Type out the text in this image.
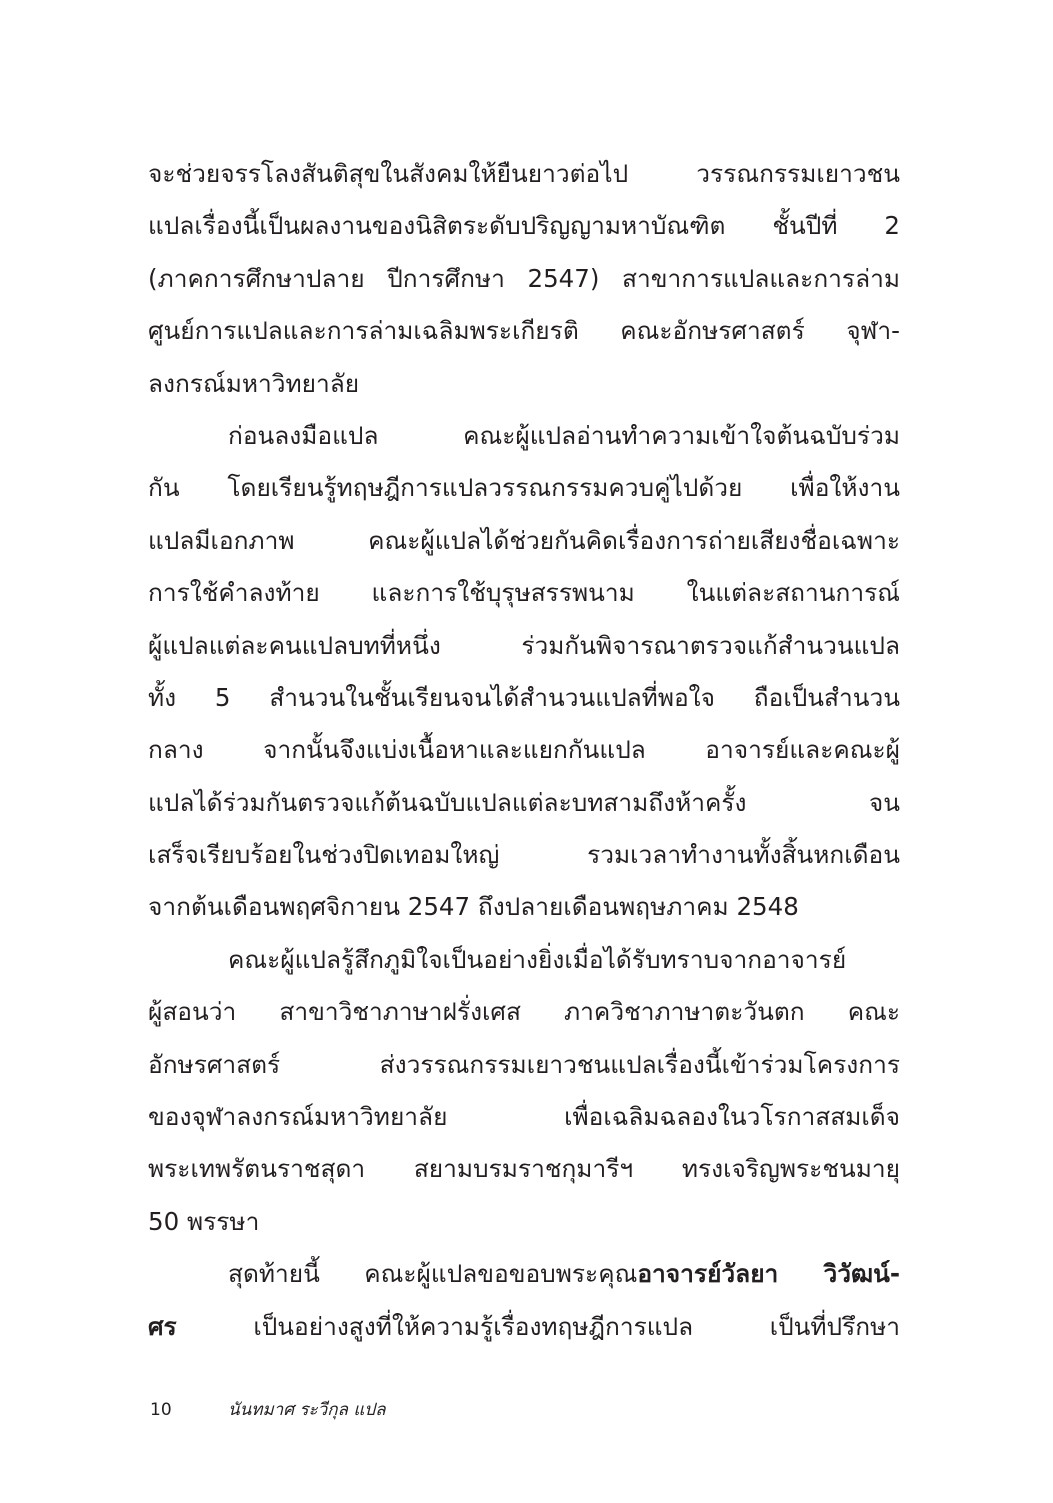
จะช่วยจรรโลงสันติสุขในสังคมให้ยืนยาวต่อไป วรรณกรรมเยาวชน
แปลเรื่องนี้เป็นผลงานของนิสิตระดับปริญญามหาบัณฑิต ชั้นปีที่ 2
(ภาคการศึกษาปลาย ปีการศึกษา 2547) สาขาการแปลและการล่าม
ศูนย์การแปลและการล่ามเฉลิมพระเกียรติ คณะอักษรศาสตร์ จุฬา-
ลงกรณ์มหาวิทยาลัย
ก่อนลงมือแปล คณะผู้แปลอ่านทำความเข้าใจต้นฉบับร่วม
กัน โดยเรียนรู้ทฤษฎีการแปลวรรณกรรมควบคู่ไปด้วย เพื่อให้งาน
แปลมีเอกภาพ คณะผู้แปลได้ช่วยกันคิดเรื่องการถ่ายเสียงชื่อเฉพาะ
การใช้คำลงท้าย และการใช้บุรุษสรรพนาม ในแต่ละสถานการณ์
ผู้แปลแต่ละคนแปลบทที่หนึ่ง ร่วมกันพิจารณาตรวจแก้สำนวนแปล
ทั้ง 5 สำนวนในชั้นเรียนจนได้สำนวนแปลที่พอใจ ถือเป็นสำนวน
กลาง จากนั้นจึงแบ่งเนื้อหาและแยกกันแปล อาจารย์และคณะผู้
แปลได้ร่วมกันตรวจแก้ต้นฉบับแปลแต่ละบทสามถึงห้าครั้ง จน
เสร็จเรียบร้อยในช่วงปิดเทอมใหญ่ รวมเวลาทำงานทั้งสิ้นหกเดือน
จากต้นเดือนพฤศจิกายน 2547 ถึงปลายเดือนพฤษภาคม 2548
คณะผู้แปลรู้สึกภูมิใจเป็นอย่างยิ่งเมื่อได้รับทราบจากอาจารย์
ผู้สอนว่า สาขาวิชาภาษาฝรั่งเศส ภาควิชาภาษาตะวันตก คณะ
อักษรศาสตร์ ส่งวรรณกรรมเยาวชนแปลเรื่องนี้เข้าร่วมโครงการ
ของจุฬาลงกรณ์มหาวิทยาลัย เพื่อเฉลิมฉลองในวโรกาสสมเด็จ
พระเทพรัตนราชสุดา สยามบรมราชกุมารีฯ ทรงเจริญพระชนมายุ
50 พรรษา
สุดท้ายนี้ คณะผู้แปลขอขอบพระคุณอาจารย์วัลยา วิวัฒน์-
ศร เป็นอย่างสูงที่ให้ความรู้เรื่องทฤษฎีการแปล เป็นที่ปรึกษา
10	นันทมาศ ระวีกุล แปล
